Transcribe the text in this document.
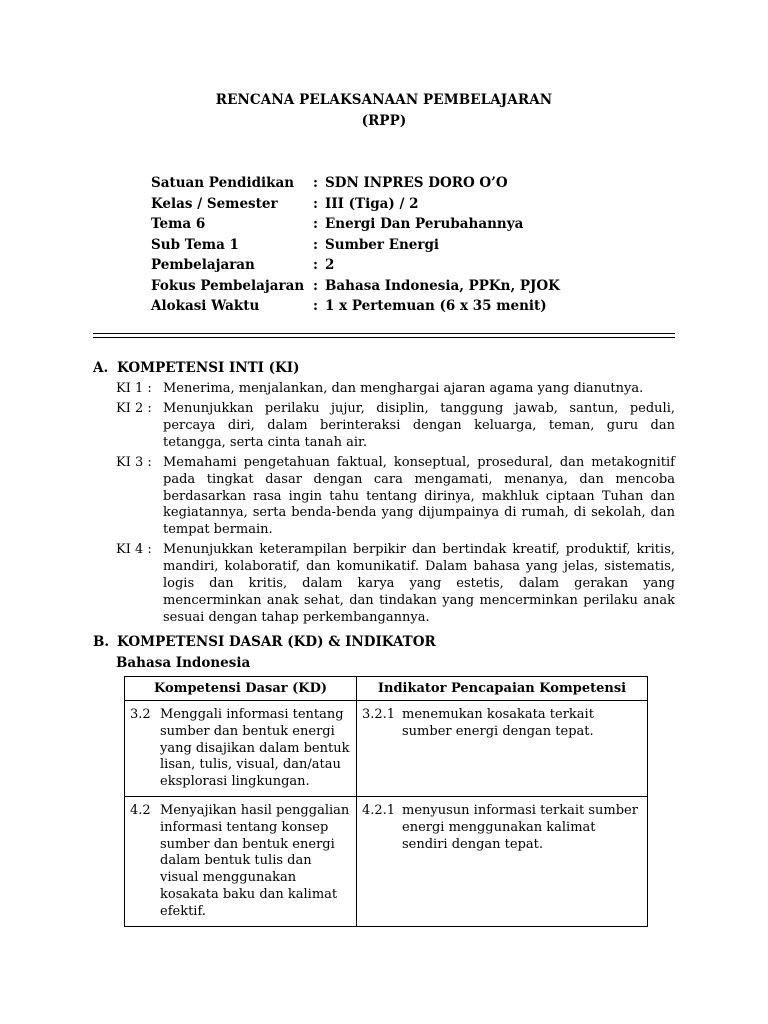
RENCANA PELAKSANAAN PEMBELAJARAN
(RPP)
Satuan Pendidikan	: SDN INPRES DORO O’O
Kelas / Semester	: III (Tiga) / 2
Tema 6	: Energi Dan Perubahannya
Sub Tema 1	: Sumber Energi
Pembelajaran	: 2
Fokus Pembelajaran : Bahasa Indonesia, PPKn, PJOK
Alokasi Waktu	: 1 x Pertemuan (6 x 35 menit)
A. KOMPETENSI INTI (KI)
KI 1 : Menerima, menjalankan, dan menghargai ajaran agama yang dianutnya.
KI 2 : Menunjukkan perilaku jujur, disiplin, tanggung jawab, santun, peduli, percaya diri, dalam berinteraksi dengan keluarga, teman, guru dan tetangga, serta cinta tanah air.
KI 3 : Memahami pengetahuan faktual, konseptual, prosedural, dan metakognitif pada tingkat dasar dengan cara mengamati, menanya, dan mencoba berdasarkan rasa ingin tahu tentang dirinya, makhluk ciptaan Tuhan dan kegiatannya, serta benda-benda yang dijumpainya di rumah, di sekolah, dan tempat bermain.
KI 4 : Menunjukkan keterampilan berpikir dan bertindak kreatif, produktif, kritis, mandiri, kolaboratif, dan komunikatif. Dalam bahasa yang jelas, sistematis, logis dan kritis, dalam karya yang estetis, dalam gerakan yang mencerminkan anak sehat, dan tindakan yang mencerminkan perilaku anak sesuai dengan tahap perkembangannya.
B. KOMPETENSI DASAR (KD) & INDIKATOR
Bahasa Indonesia
Kompetensi Dasar (KD)	Indikator Pencapaian Kompetensi

3.2 Menggali informasi tentang sumber dan bentuk energi yang disajikan dalam bentuk lisan, tulis, visual, dan/atau eksplorasi lingkungan.	3.2.1 menemukan kosakata terkait sumber energi dengan tepat.

4.2 Menyajikan hasil penggalian informasi tentang konsep sumber dan bentuk energi dalam bentuk tulis dan visual menggunakan kosakata baku dan kalimat efektif.	4.2.1 menyusun informasi terkait sumber energi menggunakan kalimat sendiri dengan tepat.
